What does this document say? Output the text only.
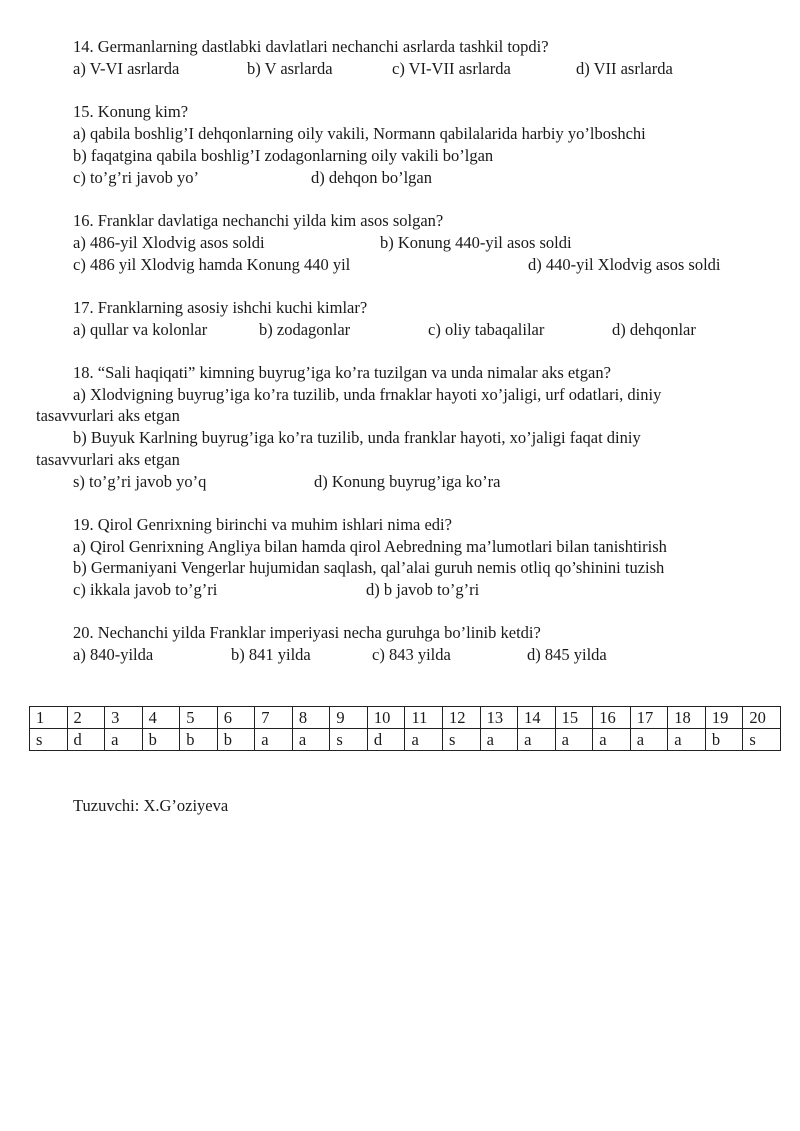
14. Germanlarning dastlabki davlatlari nechanchi asrlarda tashkil topdi?
a) V-VI asrlarda	b) V asrlarda	c) VI-VII asrlarda	d) VII asrlarda
15. Konung kim?
a) qabila boshlig’I dehqonlarning oily vakili, Normann qabilalarida harbiy yo’lboshchi
b) faqatgina qabila boshlig’I zodagonlarning oily vakili bo’lgan
c) to’g’ri javob yo’	d) dehqon bo’lgan
16. Franklar davlatiga nechanchi yilda kim asos solgan?
a) 486-yil Xlodvig asos soldi	b) Konung 440-yil asos soldi
c) 486 yil Xlodvig hamda Konung 440 yil	d) 440-yil Xlodvig asos soldi
17. Franklarning asosiy ishchi kuchi kimlar?
a) qullar va kolonlar	b) zodagonlar	c) oliy tabaqalilar	d) dehqonlar
18. “Sali haqiqati” kimning buyrug’iga ko’ra tuzilgan va unda nimalar aks etgan?
a) Xlodvigning buyrug’iga ko’ra tuzilib, unda frnaklar hayoti xo’jaligi, urf odatlari, diniy
tasavvurlari aks etgan
b) Buyuk Karlning buyrug’iga ko’ra tuzilib, unda franklar hayoti, xo’jaligi faqat diniy
tasavvurlari aks etgan
s) to’g’ri javob yo’q	d) Konung buyrug’iga ko’ra
19. Qirol Genrixning birinchi va muhim ishlari nima edi?
a) Qirol Genrixning Angliya bilan hamda qirol Aebredning ma’lumotlari bilan tanishtirish
b) Germaniyani Vengerlar hujumidan saqlash, qal’alai guruh nemis otliq qo’shinini tuzish
c) ikkala javob to’g’ri	d) b javob to’g’ri
20. Nechanchi yilda Franklar imperiyasi necha guruhga bo’linib ketdi?
a) 840-yilda	b) 841 yilda	c) 843 yilda	d) 845 yilda
1	2	3	4	5	6	7	8	9	10	11	12	13	14	15	16	17	18	19	20
s	d	a	b	b	b	a	a	s	d	a	s	a	a	a	a	a	a	b	s
Tuzuvchi: X.G’oziyeva
